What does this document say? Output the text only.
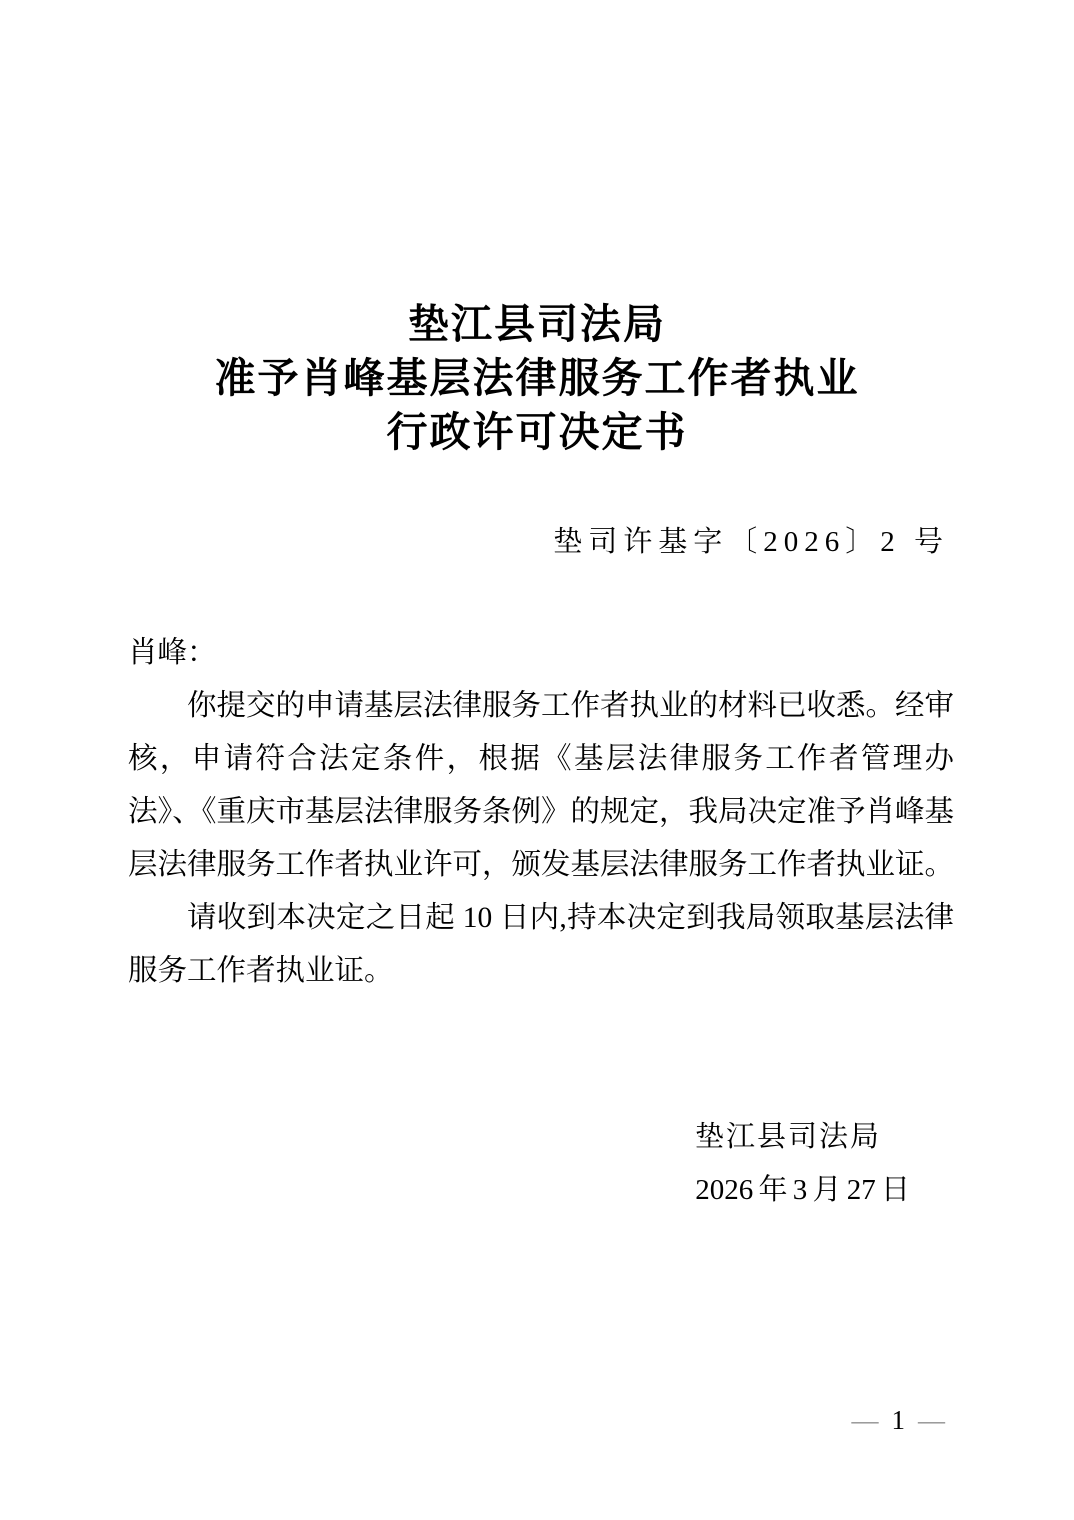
垫江县司法局
准予肖峰基层法律服务工作者执业
行政许可决定书
垫司许基字〔2026〕2 号

肖峰：

你提交的申请基层法律服务工作者执业的材料已收悉。经审核，申请符合法定条件，根据《基层法律服务工作者管理办法》、《重庆市基层法律服务条例》的规定，我局决定准予肖峰基层法律服务工作者执业许可，颁发基层法律服务工作者执业证。

请收到本决定之日起 10 日内,持本决定到我局领取基层法律服务工作者执业证。

垫江县司法局
2026 年 3 月 27 日
— 1 —
